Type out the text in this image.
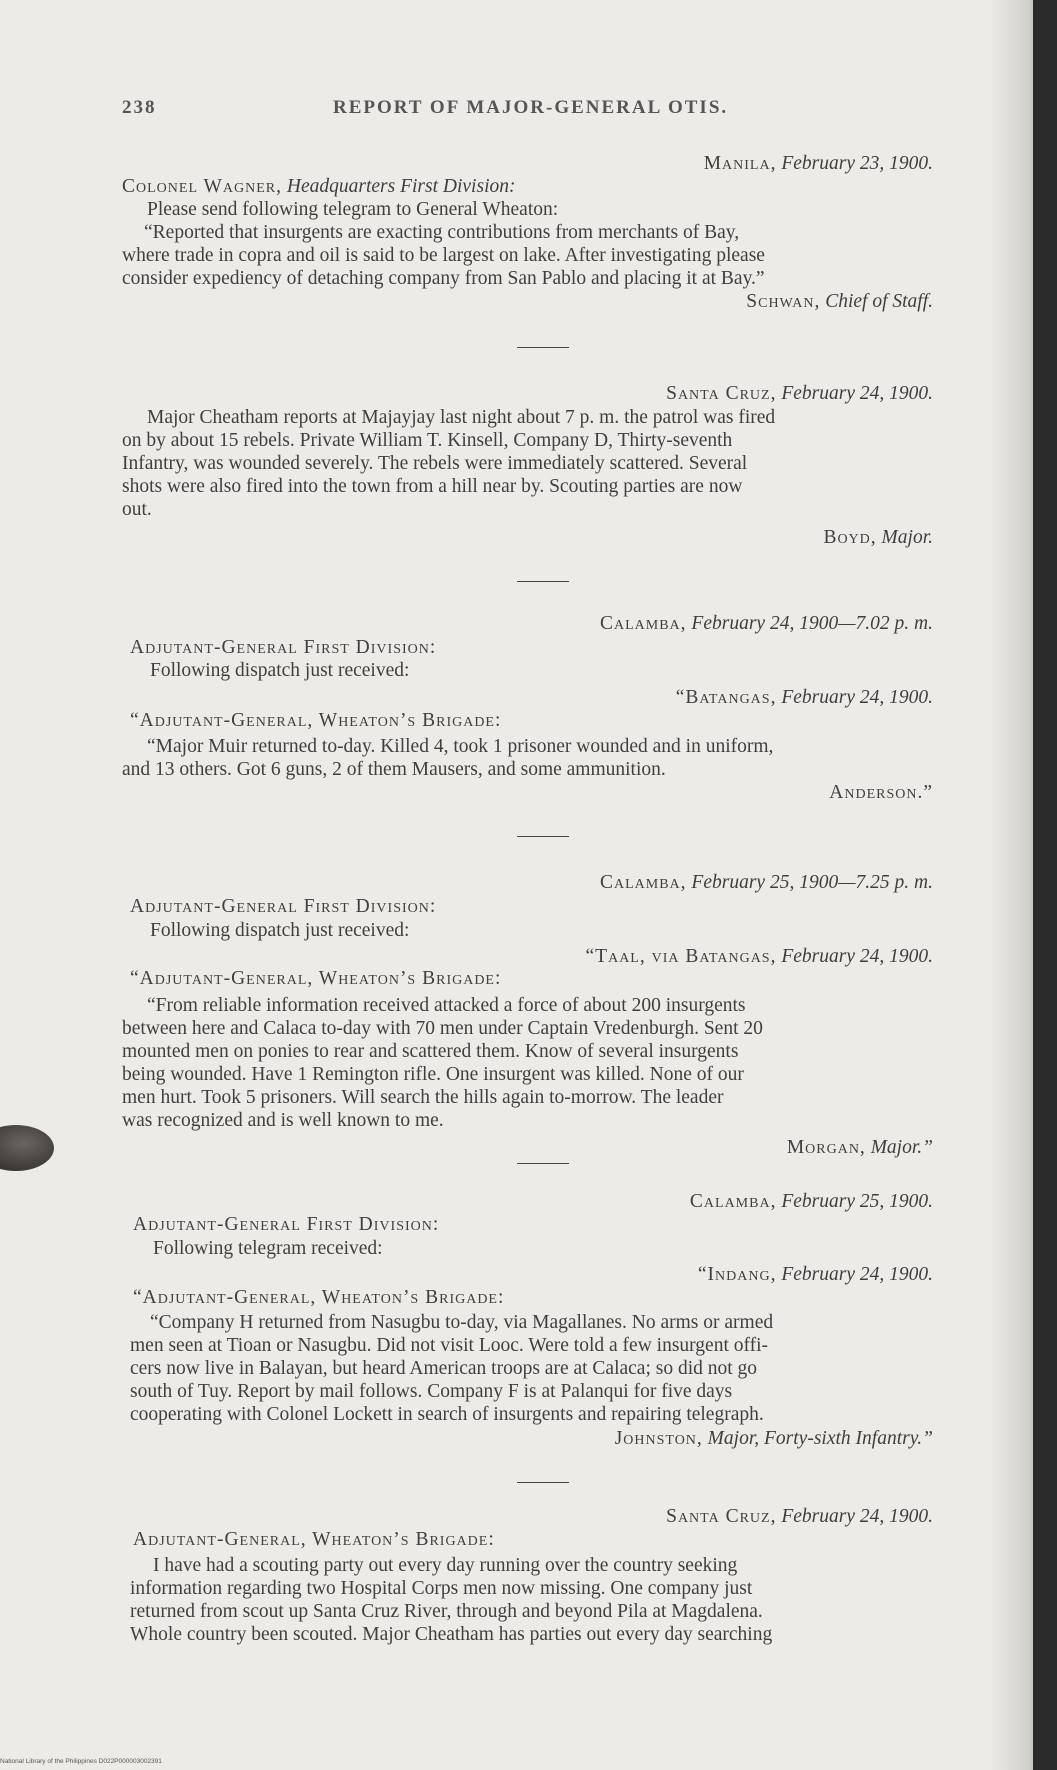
238	REPORT OF MAJOR-GENERAL OTIS.
Manila, February 23, 1900.
Colonel Wagner, Headquarters First Division:
Please send following telegram to General Wheaton:
“Reported that insurgents are exacting contributions from merchants of Bay,
where trade in copra and oil is said to be largest on lake. After investigating please
consider expediency of detaching company from San Pablo and placing it at Bay.”
Schwan, Chief of Staff.
Santa Cruz, February 24, 1900.
Major Cheatham reports at Majayjay last night about 7 p. m. the patrol was fired
on by about 15 rebels. Private William T. Kinsell, Company D, Thirty-seventh
Infantry, was wounded severely. The rebels were immediately scattered. Several
shots were also fired into the town from a hill near by. Scouting parties are now
out.
Boyd, Major.
Calamba, February 24, 1900—7.02 p. m.
Adjutant-General First Division:
Following dispatch just received:
“Batangas, February 24, 1900.
“Adjutant-General, Wheaton’s Brigade:
“Major Muir returned to-day. Killed 4, took 1 prisoner wounded and in uniform,
and 13 others. Got 6 guns, 2 of them Mausers, and some ammunition.
Anderson.”
Calamba, February 25, 1900—7.25 p. m.
Adjutant-General First Division:
Following dispatch just received:
“Taal, via Batangas, February 24, 1900.
“Adjutant-General, Wheaton’s Brigade:
“From reliable information received attacked a force of about 200 insurgents
between here and Calaca to-day with 70 men under Captain Vredenburgh. Sent 20
mounted men on ponies to rear and scattered them. Know of several insurgents
being wounded. Have 1 Remington rifle. One insurgent was killed. None of our
men hurt. Took 5 prisoners. Will search the hills again to-morrow. The leader
was recognized and is well known to me.
Morgan, Major.”
Calamba, February 25, 1900.
Adjutant-General First Division:
Following telegram received:
“Indang, February 24, 1900.
“Adjutant-General, Wheaton’s Brigade:
“Company H returned from Nasugbu to-day, via Magallanes. No arms or armed
men seen at Tioan or Nasugbu. Did not visit Looc. Were told a few insurgent offi-
cers now live in Balayan, but heard American troops are at Calaca; so did not go
south of Tuy. Report by mail follows. Company F is at Palanqui for five days
cooperating with Colonel Lockett in search of insurgents and repairing telegraph.
Johnston, Major, Forty-sixth Infantry.”
Santa Cruz, February 24, 1900.
Adjutant-General, Wheaton’s Brigade:
I have had a scouting party out every day running over the country seeking
information regarding two Hospital Corps men now missing. One company just
returned from scout up Santa Cruz River, through and beyond Pila at Magdalena.
Whole country been scouted. Major Cheatham has parties out every day searching
National Library of the Philippines D022P000003002391
